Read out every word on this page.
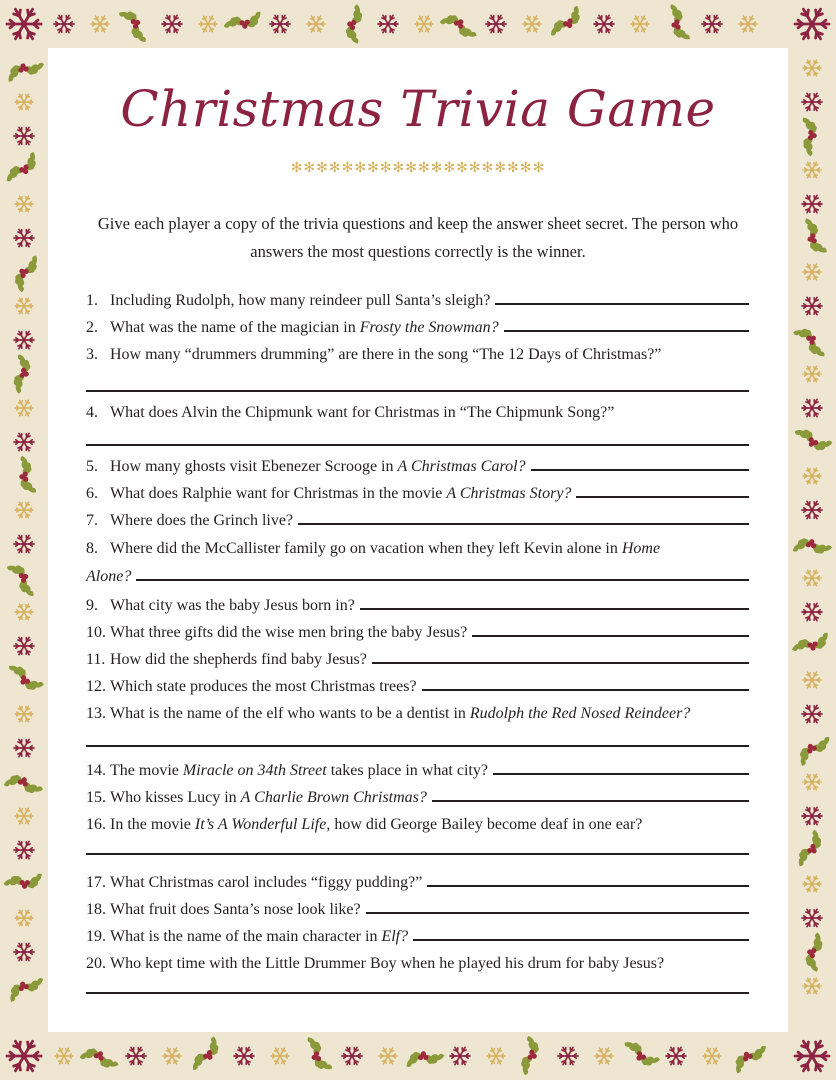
Christmas Trivia Game
✻✻✻✻✻✻✻✻✻✻✻✻✻✻✻✻✻✻✻✻
Give each player a copy of the trivia questions and keep the answer sheet secret. The person who answers the most questions correctly is the winner.
1. Including Rudolph, how many reindeer pull Santa’s sleigh?
2. What was the name of the magician in Frosty the Snowman?
3. How many “drummers drumming” are there in the song “The 12 Days of Christmas?”
4. What does Alvin the Chipmunk want for Christmas in “The Chipmunk Song?”
5. How many ghosts visit Ebenezer Scrooge in A Christmas Carol?
6. What does Ralphie want for Christmas in the movie A Christmas Story?
7. Where does the Grinch live?
8. Where did the McCallister family go on vacation when they left Kevin alone in Home
Alone?
9. What city was the baby Jesus born in?
10. What three gifts did the wise men bring the baby Jesus?
11. How did the shepherds find baby Jesus?
12. Which state produces the most Christmas trees?
13. What is the name of the elf who wants to be a dentist in Rudolph the Red Nosed Reindeer?
14. The movie Miracle on 34th Street takes place in what city?
15. Who kisses Lucy in A Charlie Brown Christmas?
16. In the movie It’s A Wonderful Life, how did George Bailey become deaf in one ear?
17. What Christmas carol includes “figgy pudding?”
18. What fruit does Santa’s nose look like?
19. What is the name of the main character in Elf?
20. Who kept time with the Little Drummer Boy when he played his drum for baby Jesus?
